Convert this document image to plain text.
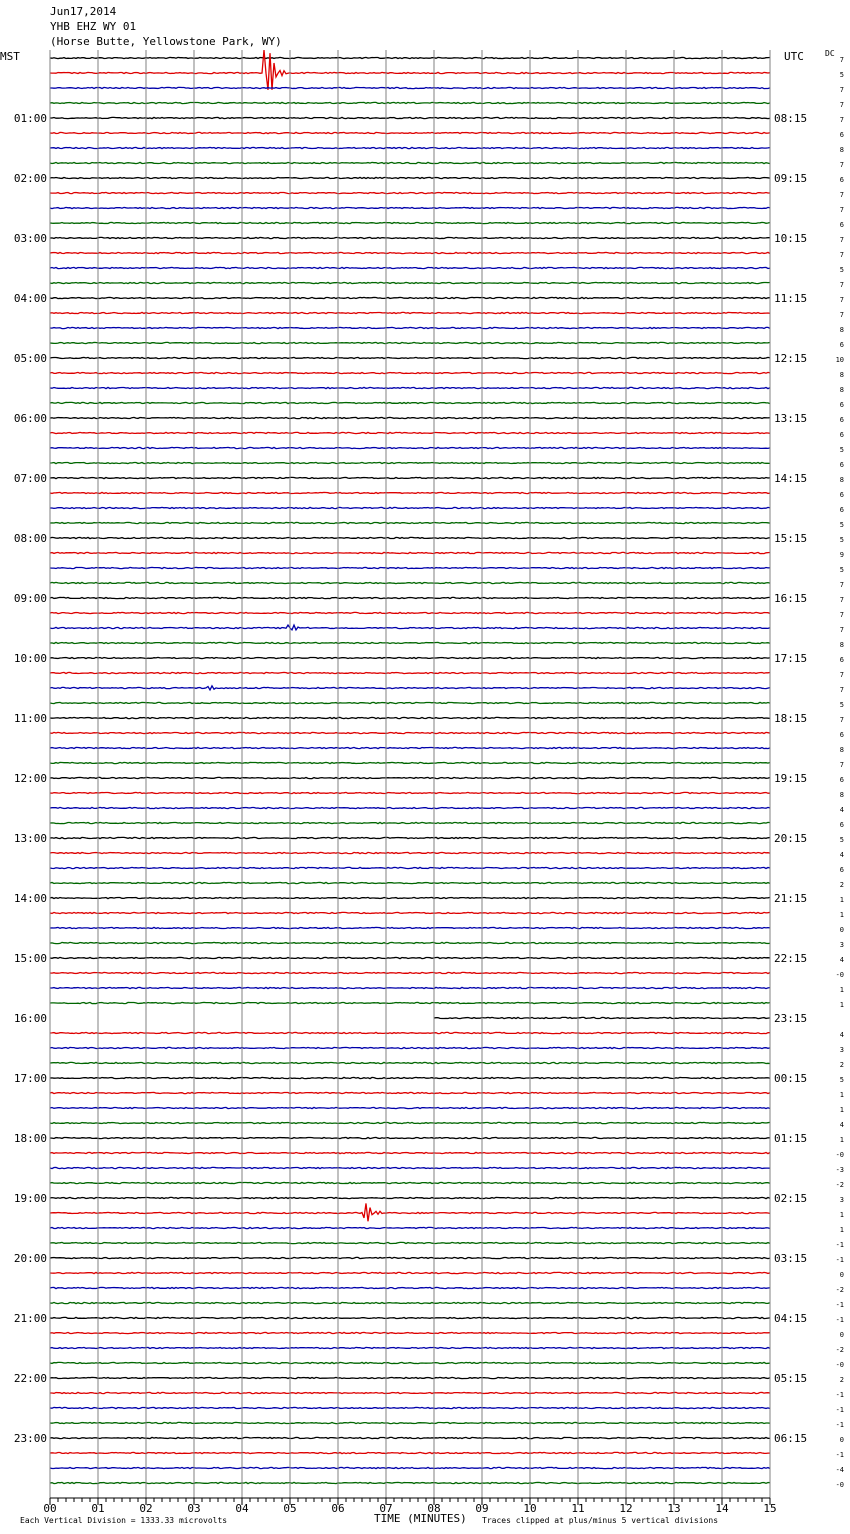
Jun17,2014
YHB EHZ WY 01
(Horse Butte, Yellowstone Park, WY)
MST	UTC	DC
00	01	02	03	04	05	06	07	08	09	10	11	12	13	14	15
01:00
02:00
03:00
04:00
05:00
06:00
07:00
08:00
09:00
10:00
11:00
12:00
13:00
14:00
15:00
16:00
17:00
18:00
19:00
20:00
21:00
22:00
23:00
08:15
09:15
10:15
11:15
12:15
13:15
14:15
15:15
16:15
17:15
18:15
19:15
20:15
21:15
22:15
23:15
00:15
01:15
02:15
03:15
04:15
05:15
06:15
7
5
7
7
7
6
8
7
6
7
7
6
7
7
5
7
7
7
8
6
10
8
8
6
6
6
5
6
8
6
6
5
5
9
5
7
7
7
7
8
6
7
7
5
7
6
8
7
6
8
4
6
5
4
6
2
1
1
0
3
4
-0
1
1
4
3
2
5
1
1
4
1
-0
-3
-2
3
1
1
-1
-1
0
-2
-1
-1
0
-2
-0
2
-1
-1
-1
0
-1
-4
-0
Each Vertical Division = 1333.33 microvolts	TIME (MINUTES) Traces clipped at plus/minus 5 vertical divisions
